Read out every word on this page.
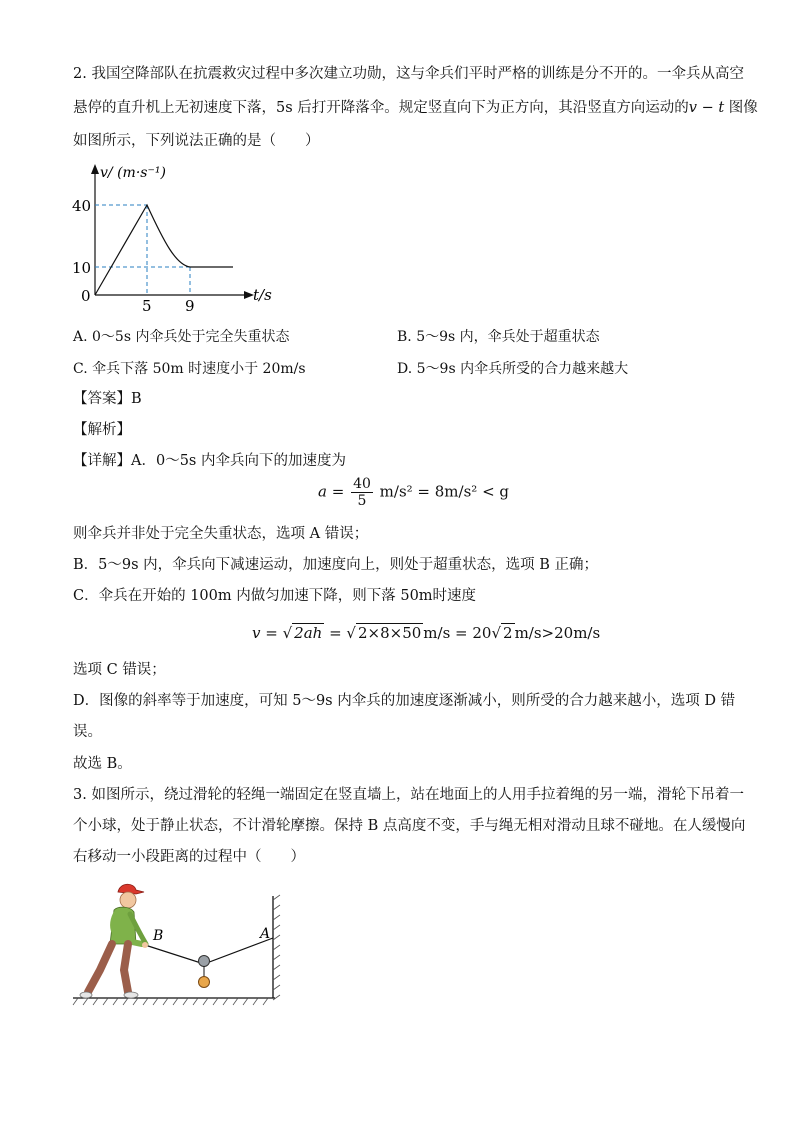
2. 我国空降部队在抗震救灾过程中多次建立功勋，这与伞兵们平时严格的训练是分不开的。一伞兵从高空
悬停的直升机上无初速度下落，5s 后打开降落伞。规定竖直向下为正方向，其沿竖直方向运动的v − t 图像
如图所示，下列说法正确的是（　　）
v/ (m·s⁻¹)
40
10
0
5 9
t/s
A. 0～5s 内伞兵处于完全失重状态	B. 5～9s 内，伞兵处于超重状态
C. 伞兵下落 50m 时速度小于 20m/s	D. 5～9s 内伞兵所受的合力越来越大
【答案】B
【解析】
【详解】A．0～5s 内伞兵向下的加速度为
$a = \frac{40}{5} m/s^2 = 8m/s^2 < g$
则伞兵并非处于完全失重状态，选项 A 错误；
B．5～9s 内，伞兵向下减速运动，加速度向上，则处于超重状态，选项 B 正确；
C．伞兵在开始的 100m 内做匀加速下降，则下落 50m时速度
v = √ 2ah = √ 2×8×50 m/s = 20√ 2 m/s>20m/s
选项 C 错误；
D．图像的斜率等于加速度，可知 5～9s 内伞兵的加速度逐渐减小，则所受的合力越来越小，选项 D 错
误。
故选 B。
3. 如图所示，绕过滑轮的轻绳一端固定在竖直墙上，站在地面上的人用手拉着绳的另一端，滑轮下吊着一
个小球，处于静止状态，不计滑轮摩擦。保持 B 点高度不变，手与绳无相对滑动且球不碰地。在人缓慢向
右移动一小段距离的过程中（　　）
B	A
